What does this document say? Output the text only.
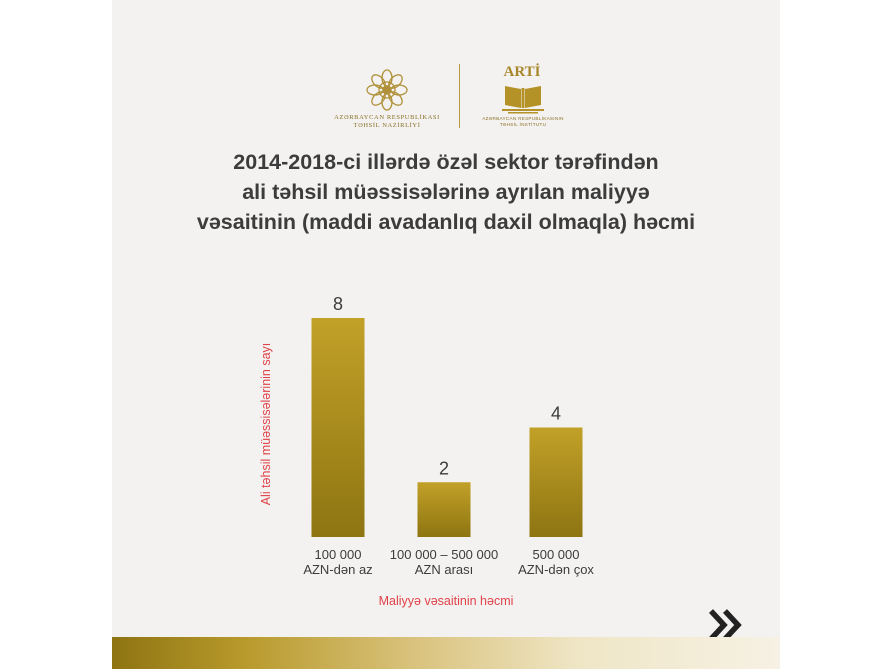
AZƏRBAYCAN RESPUBLİKASI
TƏHSİL NAZİRLİYİ
ARTİ
AZƏRBAYCAN RESPUBLİKASININ
TƏHSİL İNSTİTUTU
2014-2018-ci illərdə özəl sektor tərəfindən
ali təhsil müəssisələrinə ayrılan maliyyə
vəsaitinin (maddi avadanlıq daxil olmaqla) həcmi
Ali təhsil müəssisələrinin sayı
Maliyyə vəsaitinin həcmi
8
100 000
AZN-dən az
2
100 000 – 500 000
AZN arası
4
500 000
AZN-dən çox
